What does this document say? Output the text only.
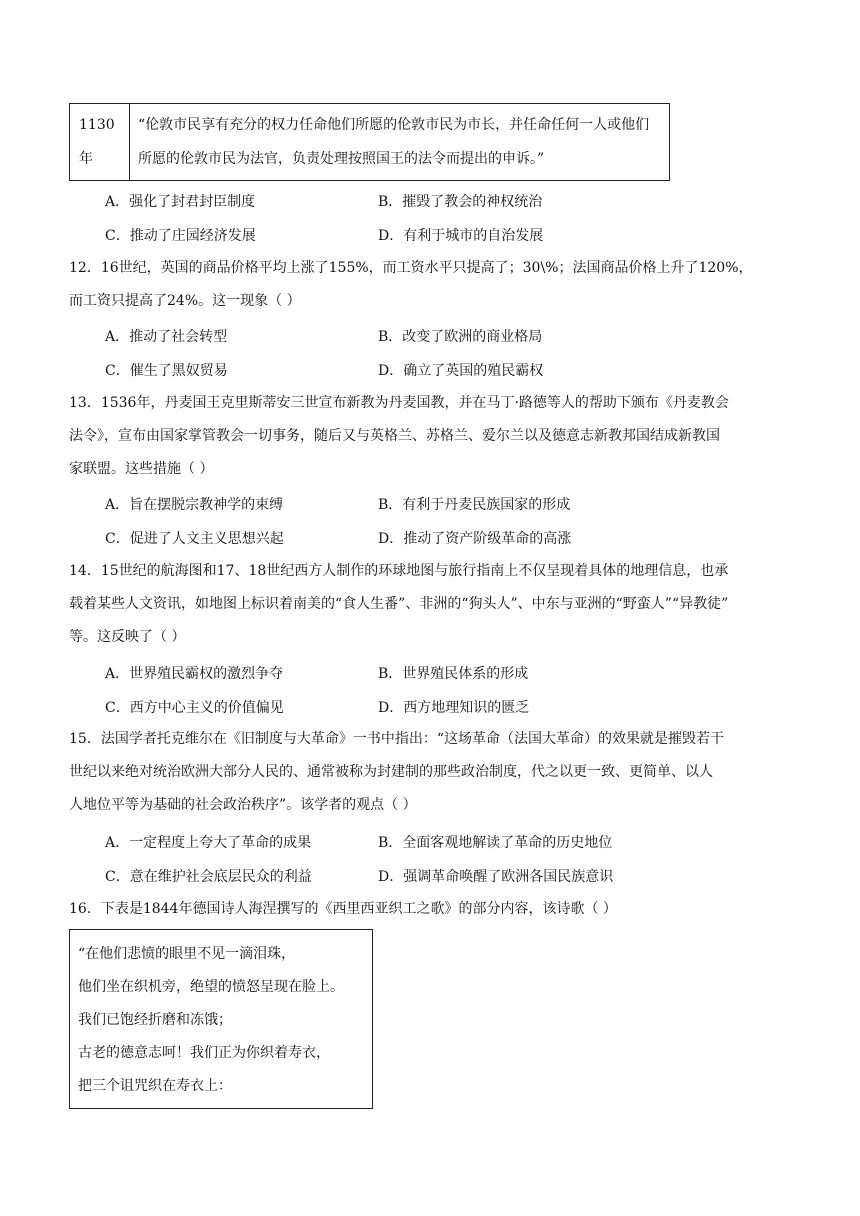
1130年	“伦敦市民享有充分的权力任命他们所愿的伦敦市民为市长，并任命任何一人或他们所愿的伦敦市民为法官，负责处理按照国王的法令而提出的申诉。”
A．强化了封君封臣制度	B．摧毁了教会的神权统治
C．推动了庄园经济发展	D．有利于城市的自治发展
12．16世纪，英国的商品价格平均上涨了155%，而工资水平只提高了；30\%；法国商品价格上升了120%，
而工资只提高了24%。这一现象（ ）
A．推动了社会转型	B．改变了欧洲的商业格局
C．催生了黑奴贸易	D．确立了英国的殖民霸权
13．1536年，丹麦国王克里斯蒂安三世宣布新教为丹麦国教，并在马丁·路德等人的帮助下颁布《丹麦教会
法令》，宣布由国家掌管教会一切事务，随后又与英格兰、苏格兰、爱尔兰以及德意志新教邦国结成新教国
家联盟。这些措施（ ）
A．旨在摆脱宗教神学的束缚	B．有利于丹麦民族国家的形成
C．促进了人文主义思想兴起	D．推动了资产阶级革命的高涨
14．15世纪的航海图和17、18世纪西方人制作的环球地图与旅行指南上不仅呈现着具体的地理信息，也承
载着某些人文资讯，如地图上标识着南美的“食人生番”、非洲的“狗头人”、中东与亚洲的“野蛮人”“异教徒”
等。这反映了（ ）
A．世界殖民霸权的激烈争夺	B．世界殖民体系的形成
C．西方中心主义的价值偏见	D．西方地理知识的匮乏
15．法国学者托克维尔在《旧制度与大革命》一书中指出：“这场革命（法国大革命）的效果就是摧毁若干
世纪以来绝对统治欧洲大部分人民的、通常被称为封建制的那些政治制度，代之以更一致、更简单、以人
人地位平等为基础的社会政治秩序”。该学者的观点（ ）
A．一定程度上夸大了革命的成果	B．全面客观地解读了革命的历史地位
C．意在维护社会底层民众的利益	D．强调革命唤醒了欧洲各国民族意识
16．下表是1844年德国诗人海涅撰写的《西里西亚织工之歌》的部分内容，该诗歌（ ）
“在他们悲愤的眼里不见一滴泪珠，
他们坐在织机旁，绝望的愤怒呈现在脸上。
我们已饱经折磨和冻饿；
古老的德意志呵！我们正为你织着寿衣，
把三个诅咒织在寿衣上：
